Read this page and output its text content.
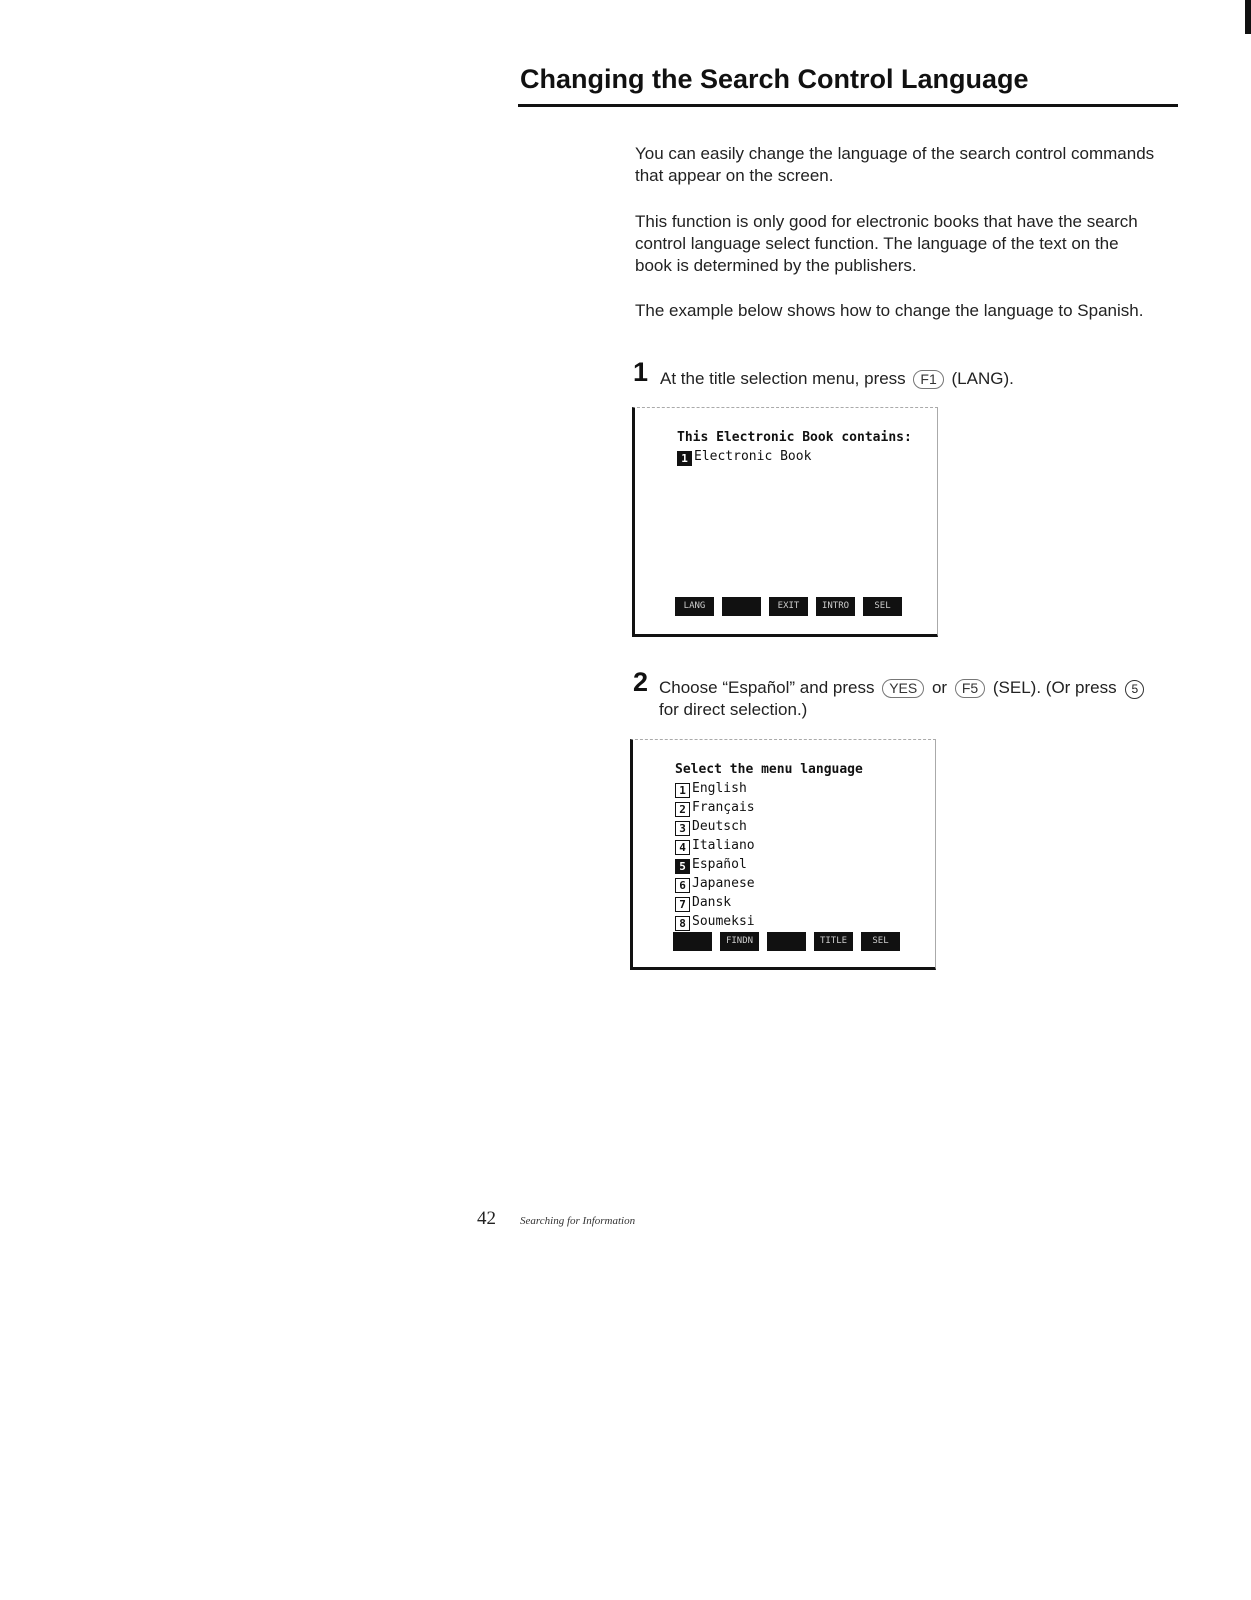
Changing the Search Control Language
You can easily change the language of the search control commands that appear on the screen.
This function is only good for electronic books that have the search control language select function. The language of the text on the book is determined by the publishers.
The example below shows how to change the language to Spanish.
1 At the title selection menu, press F1 (LANG).
This Electronic Book contains:
1 Electronic Book
LANG	EXIT	INTRO	SEL
2 Choose “Español” and press YES or F5 (SEL). (Or press 5
for direct selection.)
Select the menu language
1 English
2 Français
3 Deutsch
4 Italiano
5 Español
6 Japanese
7 Dansk
8 Soumeksi
FINDN	TITLE	SEL
42 Searching for Information
